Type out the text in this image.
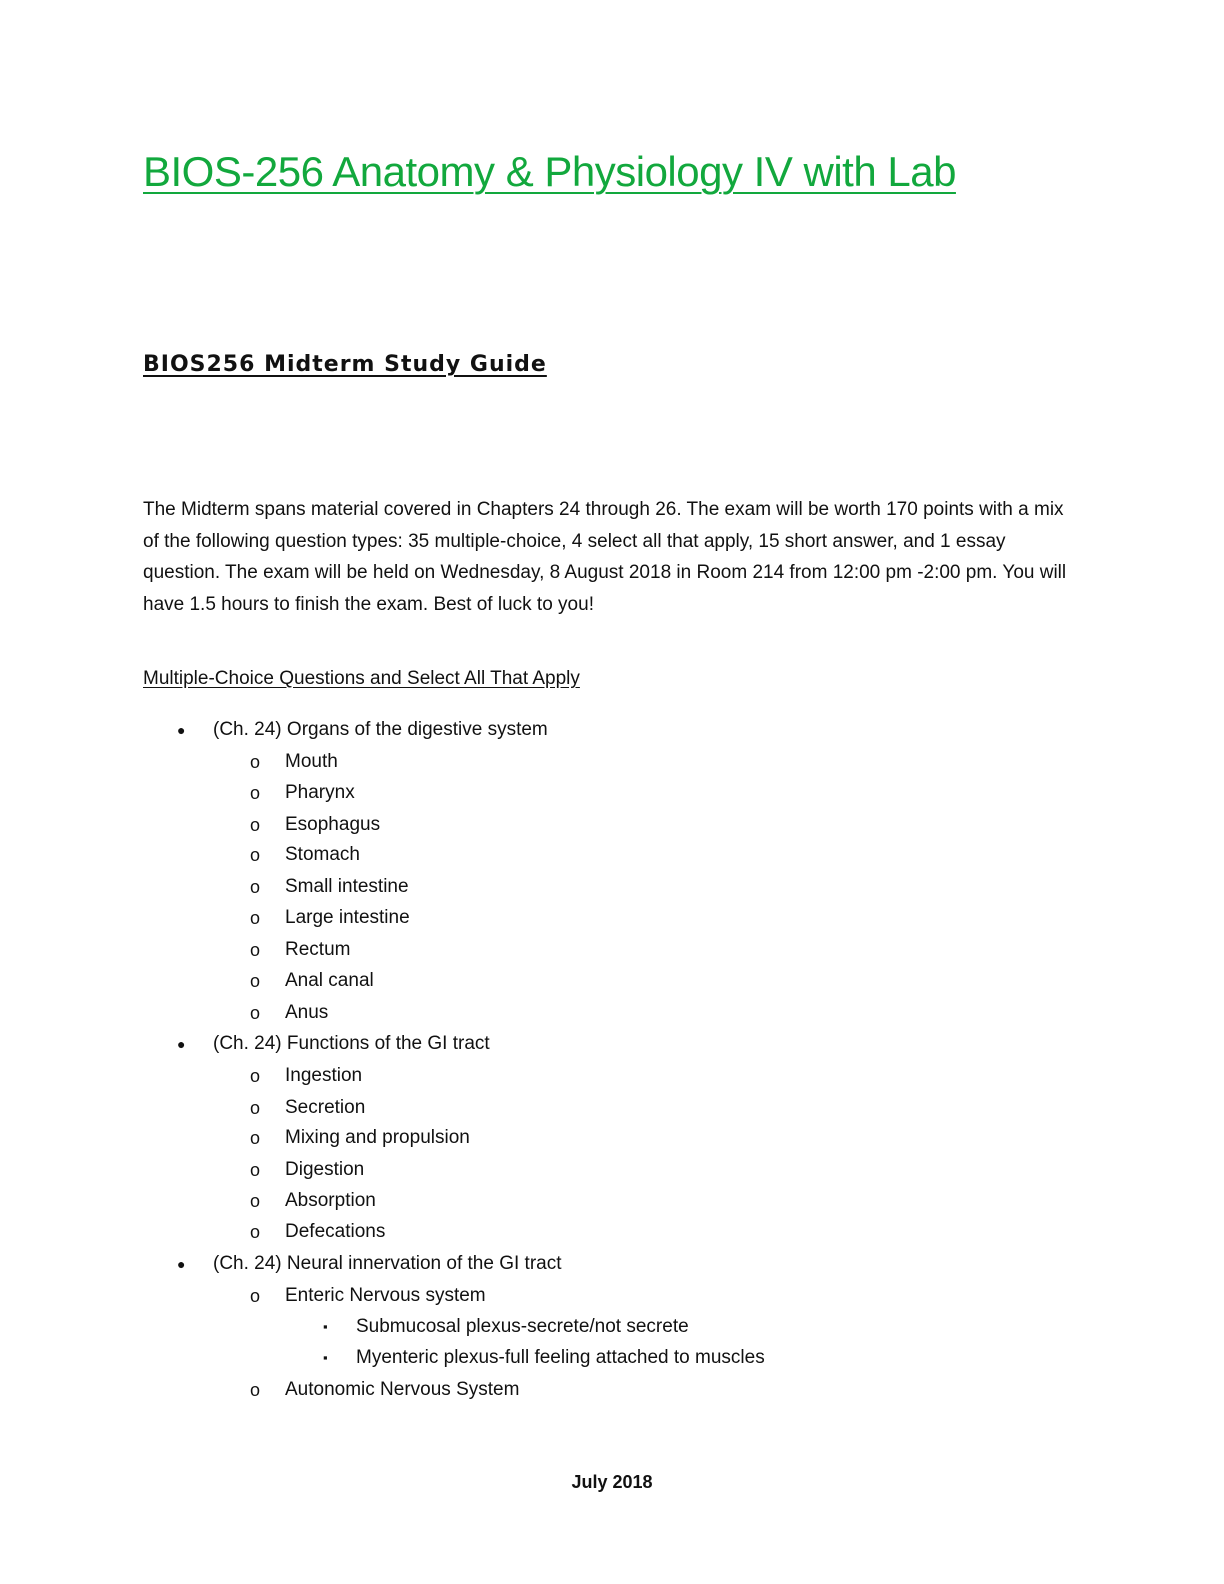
BIOS-256 Anatomy & Physiology IV with Lab
BIOS256 Midterm Study Guide

The Midterm spans material covered in Chapters 24 through 26. The exam will be worth 170 points with a mix of the following question types: 35 multiple-choice, 4 select all that apply, 15 short answer, and 1 essay question. The exam will be held on Wednesday, 8 August 2018 in Room 214 from 12:00 pm -2:00 pm. You will have 1.5 hours to finish the exam. Best of luck to you!

Multiple-Choice Questions and Select All That Apply
● (Ch. 24) Organs of the digestive system
o Mouth
o Pharynx
o Esophagus
o Stomach
o Small intestine
o Large intestine
o Rectum
o Anal canal
o Anus
● (Ch. 24) Functions of the GI tract
o Ingestion
o Secretion
o Mixing and propulsion
o Digestion
o Absorption
o Defecations
● (Ch. 24) Neural innervation of the GI tract
o Enteric Nervous system
▪ Submucosal plexus-secrete/not secrete
▪ Myenteric plexus-full feeling attached to muscles
o Autonomic Nervous System
July 2018
